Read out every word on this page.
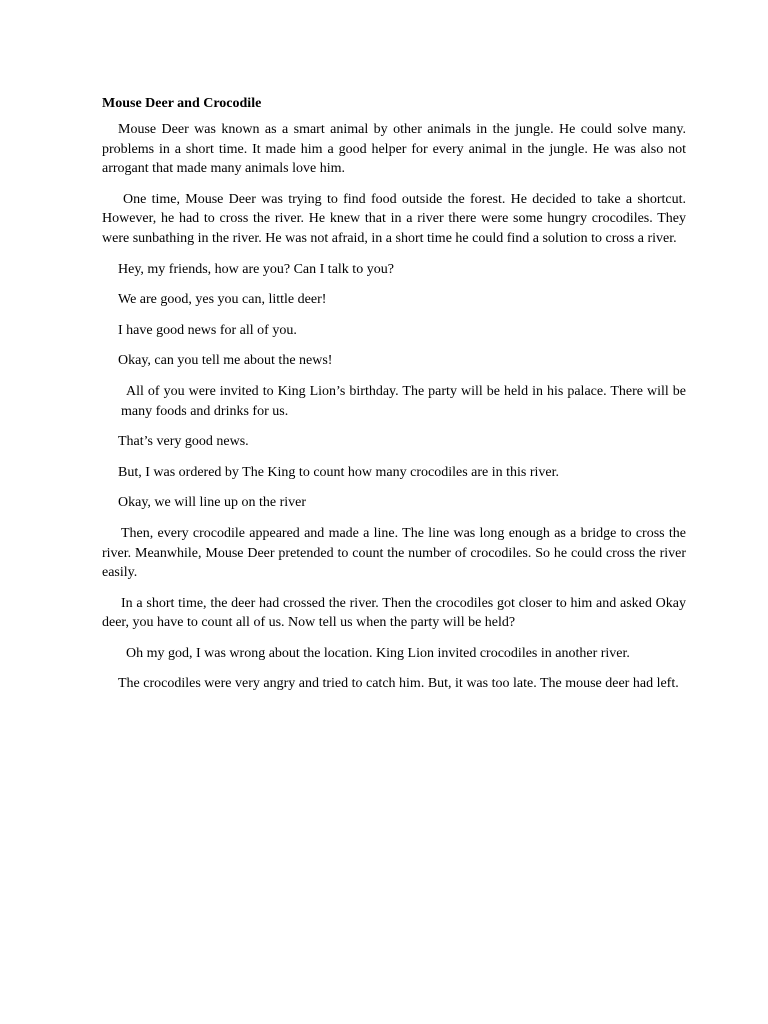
Mouse Deer and Crocodile

Mouse Deer was known as a smart animal by other animals in the jungle. He could solve many. problems in a short time. It made him a good helper for every animal in the jungle. He was also not arrogant that made many animals love him.

One time, Mouse Deer was trying to find food outside the forest. He decided to take a shortcut. However, he had to cross the river. He knew that in a river there were some hungry crocodiles. They were sunbathing in the river. He was not afraid, in a short time he could find a solution to cross a river.

Hey, my friends, how are you? Can I talk to you?

We are good, yes you can, little deer!

I have good news for all of you.

Okay, can you tell me about the news!

All of you were invited to King Lion’s birthday. The party will be held in his palace. There will be many foods and drinks for us.

That’s very good news.

But, I was ordered by The King to count how many crocodiles are in this river.

Okay, we will line up on the river

Then, every crocodile appeared and made a line. The line was long enough as a bridge to cross the river. Meanwhile, Mouse Deer pretended to count the number of crocodiles. So he could cross the river easily.

In a short time, the deer had crossed the river. Then the crocodiles got closer to him and asked Okay deer, you have to count all of us. Now tell us when the party will be held?

Oh my god, I was wrong about the location. King Lion invited crocodiles in another river.

The crocodiles were very angry and tried to catch him. But, it was too late. The mouse deer had left.
